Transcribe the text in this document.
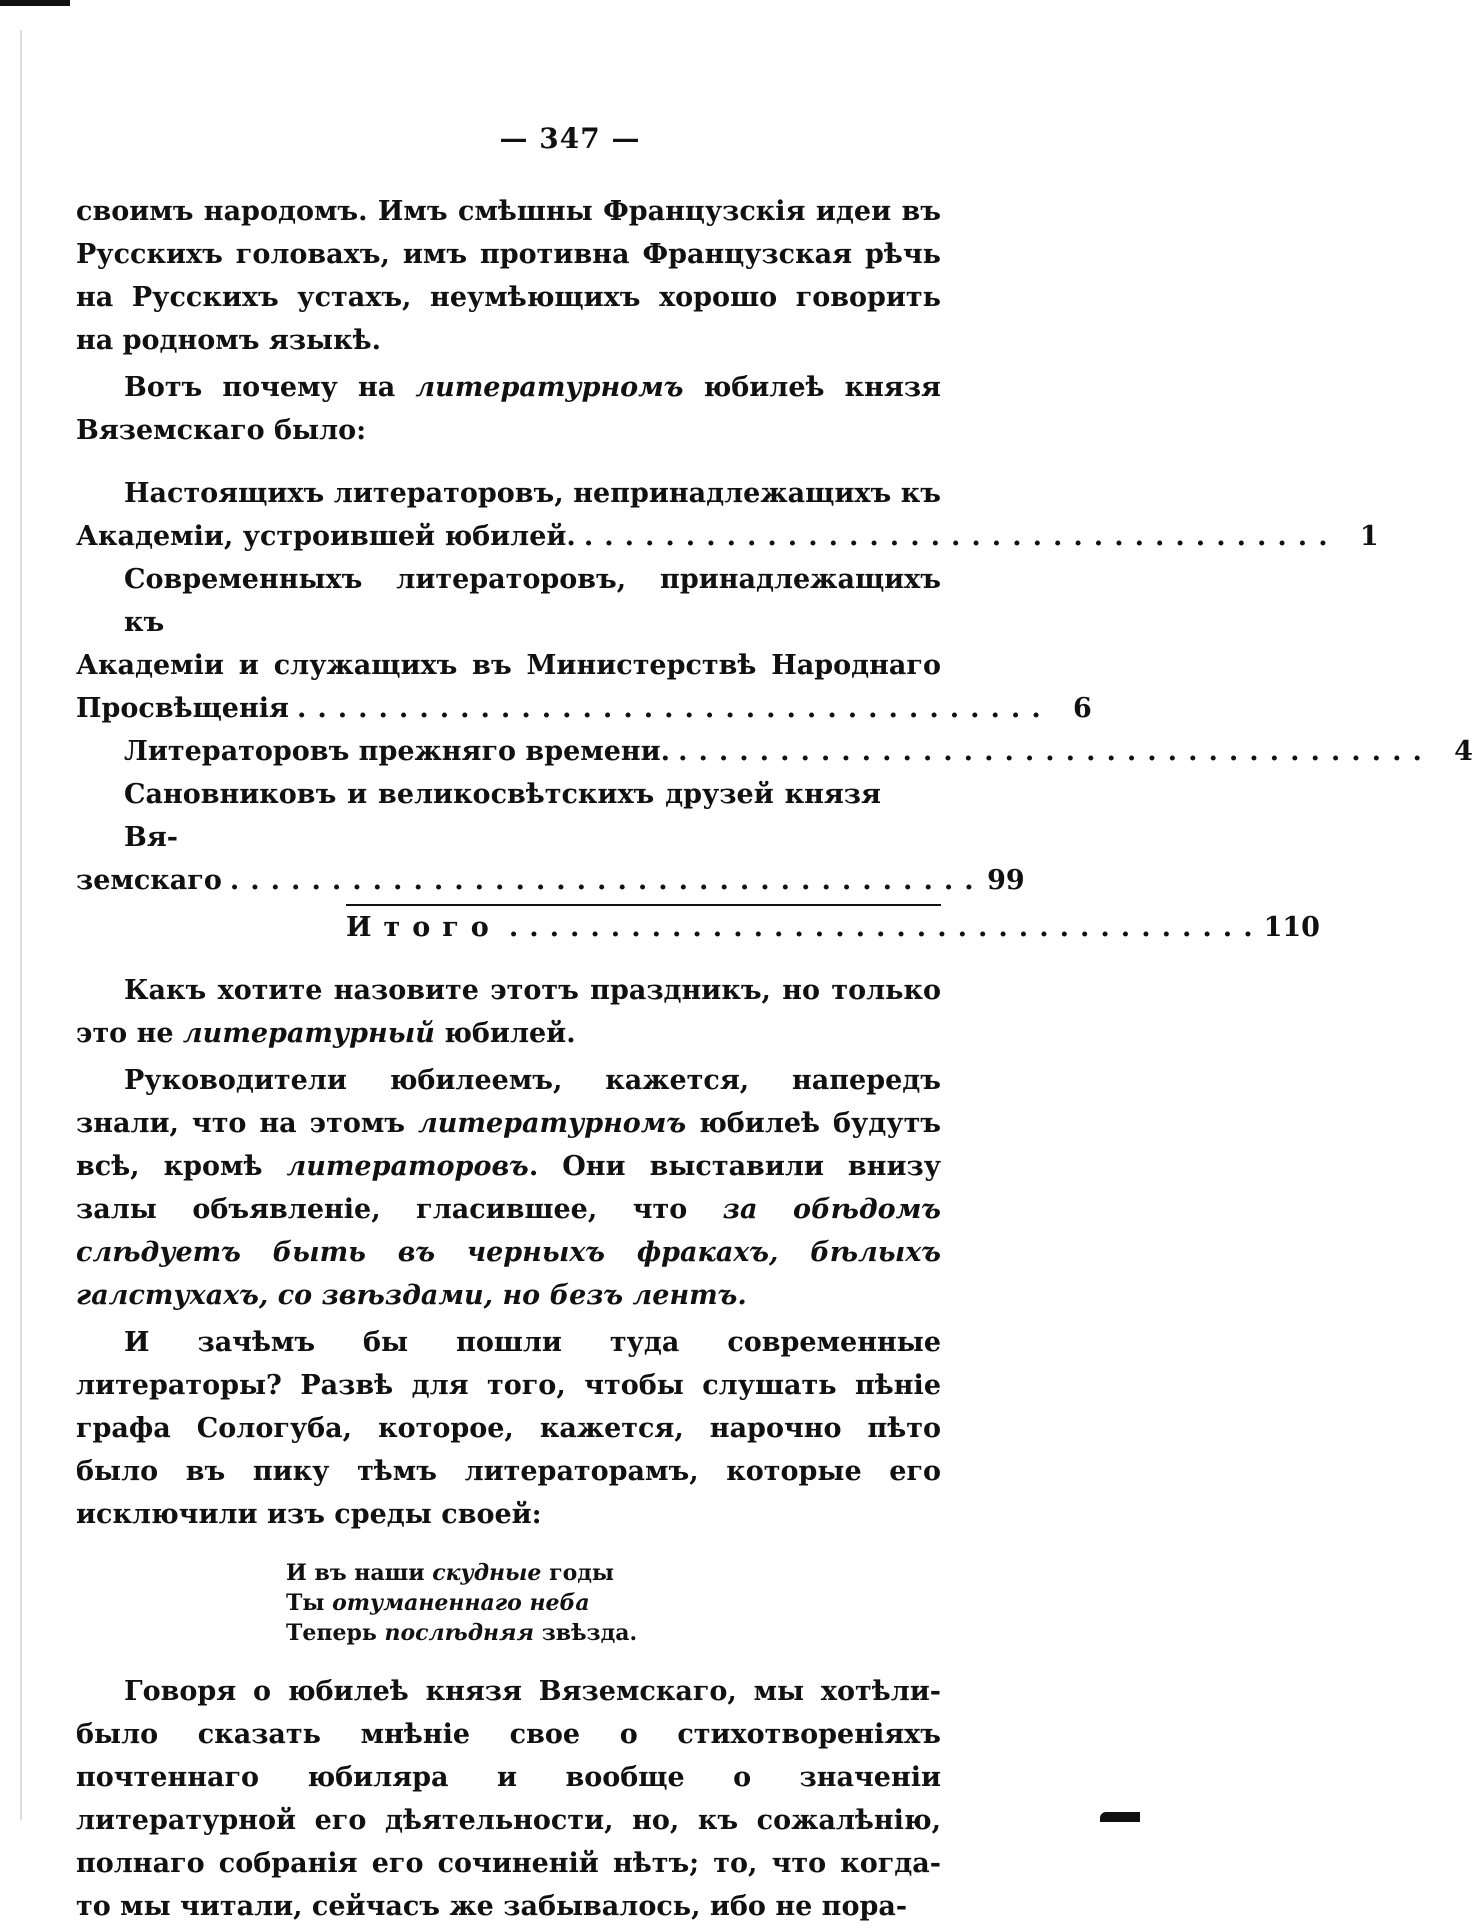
— 347 —

своимъ народомъ. Имъ смѣшны Французскія идеи въ Русскихъ головахъ, имъ противна Французская рѣчь на Русскихъ устахъ, неумѣющихъ хорошо говорить на родномъ языкѣ.

Вотъ почему на литературномъ юбилеѣ князя Вяземскаго было:

Настоящихъ литераторовъ, непринадлежащихъ къ
Академіи, устроившей юбилей. ..................................... 1
Современныхъ литераторовъ, принадлежащихъ къ
Академіи и служащихъ въ Министерствѣ Народнаго
Просвѣщенія ..................................... 6
Литераторовъ прежняго времени. ..................................... 4
Сановниковъ и великосвѣтскихъ друзей князя Вя-
земскаго ..................................... 99
Итого ..................................... 110

Какъ хотите назовите этотъ праздникъ, но только это не литературный юбилей.

Руководители юбилеемъ, кажется, напередъ знали, что на этомъ литературномъ юбилеѣ будутъ всѣ, кромѣ литераторовъ. Они выставили внизу залы объявленіе, гласившее, что за обѣдомъ слѣдуетъ быть въ черныхъ фракахъ, бѣлыхъ галстухахъ, со звѣздами, но безъ лентъ.

И зачѣмъ бы пошли туда современные литераторы? Развѣ для того, чтобы слушать пѣніе графа Сологуба, которое, кажется, нарочно пѣто было въ пику тѣмъ литераторамъ, которые его исключили изъ среды своей:

И въ наши скудные годы
Ты отуманеннаго неба
Теперь послѣдняя звѣзда.

Говоря о юбилеѣ князя Вяземскаго, мы хотѣли-было сказать мнѣніе свое о стихотвореніяхъ почтеннаго юбиляра и вообще о значеніи литературной его дѣятельности, но, къ сожалѣнію, полнаго собранія его сочиненій нѣтъ; то, что когда-то мы читали, сейчасъ же забывалось, ибо не пора-
